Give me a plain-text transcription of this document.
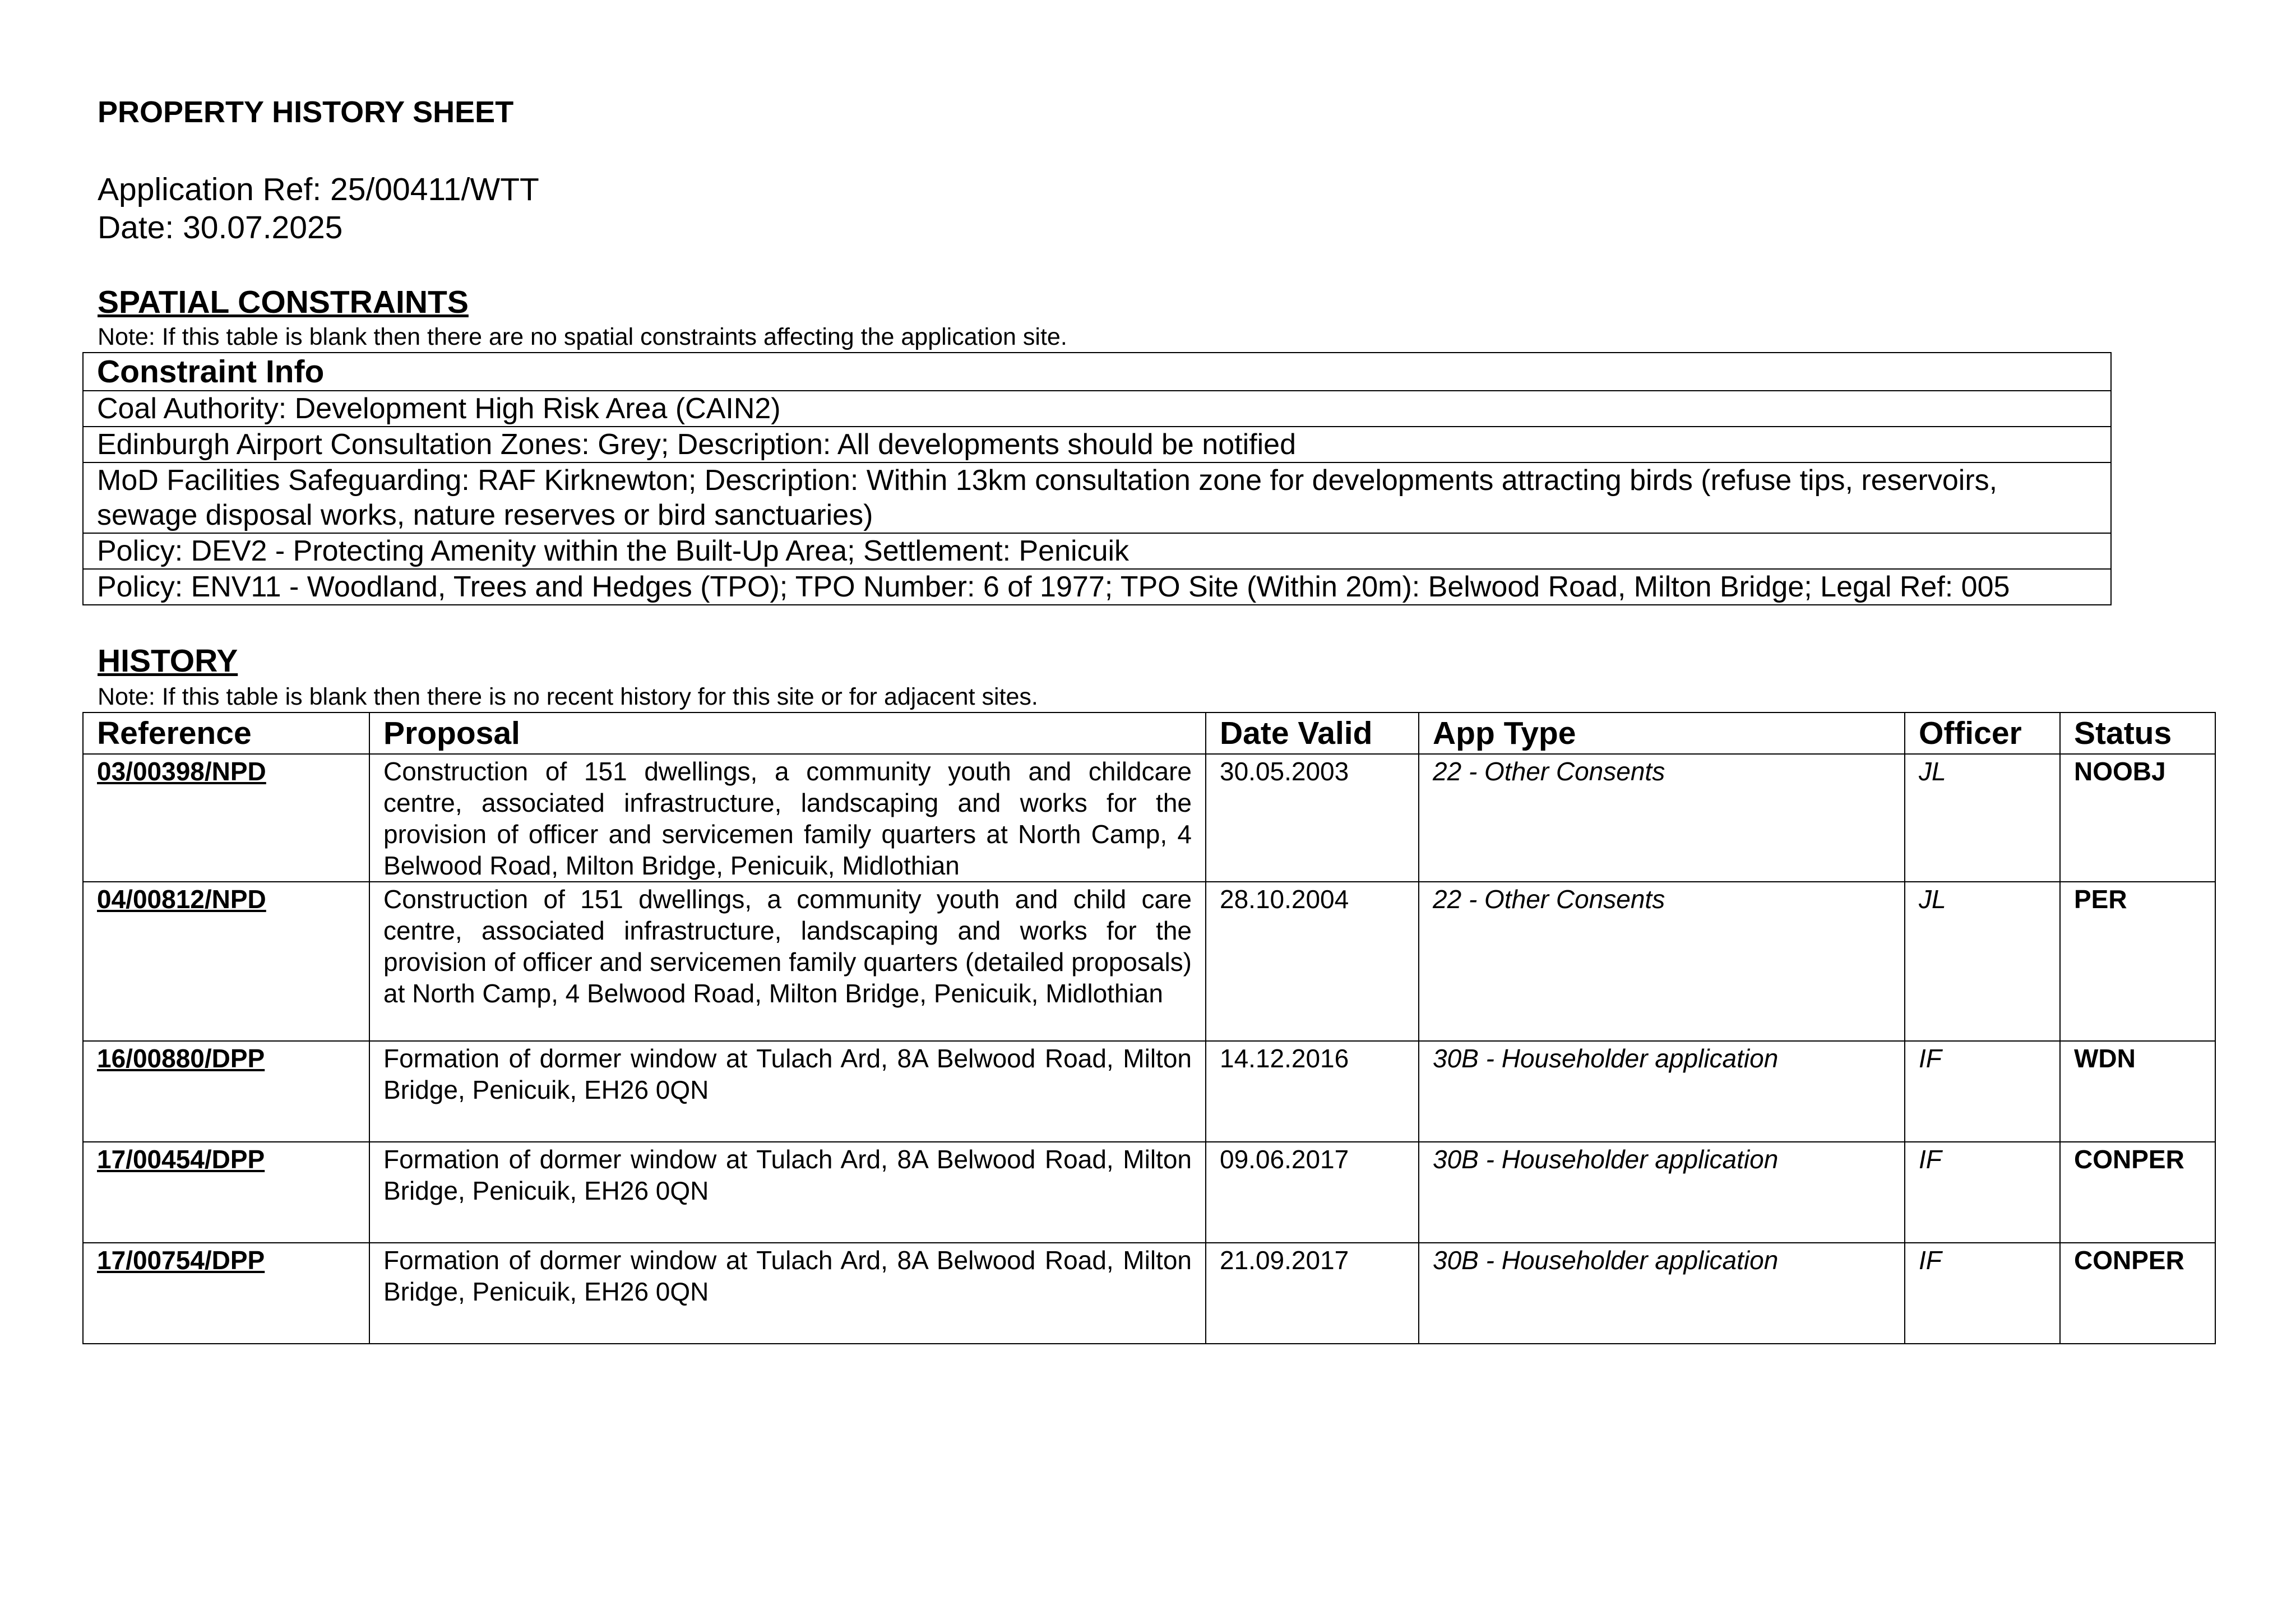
PROPERTY HISTORY SHEET
Application Ref: 25/00411/WTT
Date: 30.07.2025
SPATIAL CONSTRAINTS
Note: If this table is blank then there are no spatial constraints affecting the application site.
Constraint Info
Coal Authority: Development High Risk Area (CAIN2)
Edinburgh Airport Consultation Zones: Grey; Description: All developments should be notified
MoD Facilities Safeguarding: RAF Kirknewton; Description: Within 13km consultation zone for developments attracting birds (refuse tips, reservoirs, sewage disposal works, nature reserves or bird sanctuaries)
Policy: DEV2 - Protecting Amenity within the Built-Up Area; Settlement: Penicuik
Policy: ENV11 - Woodland, Trees and Hedges (TPO); TPO Number: 6 of 1977; TPO Site (Within 20m): Belwood Road, Milton Bridge; Legal Ref: 005
HISTORY
Note: If this table is blank then there is no recent history for this site or for adjacent sites.
Reference	Proposal	Date Valid	App Type	Officer	Status
03/00398/NPD	Construction of 151 dwellings, a community youth and childcare centre, associated infrastructure, landscaping and works for the provision of officer and servicemen family quarters at North Camp, 4 Belwood Road, Milton Bridge, Penicuik, Midlothian	30.05.2003	22 - Other Consents	JL	NOOBJ
04/00812/NPD	Construction of 151 dwellings, a community youth and child care centre, associated infrastructure, landscaping and works for the provision of officer and servicemen family quarters (detailed proposals) at North Camp, 4 Belwood Road, Milton Bridge, Penicuik, Midlothian	28.10.2004	22 - Other Consents	JL	PER
16/00880/DPP	Formation of dormer window at Tulach Ard, 8A Belwood Road, Milton Bridge, Penicuik, EH26 0QN	14.12.2016	30B - Householder application	IF	WDN
17/00454/DPP	Formation of dormer window at Tulach Ard, 8A Belwood Road, Milton Bridge, Penicuik, EH26 0QN	09.06.2017	30B - Householder application	IF	CONPER
17/00754/DPP	Formation of dormer window at Tulach Ard, 8A Belwood Road, Milton Bridge, Penicuik, EH26 0QN	21.09.2017	30B - Householder application	IF	CONPER
